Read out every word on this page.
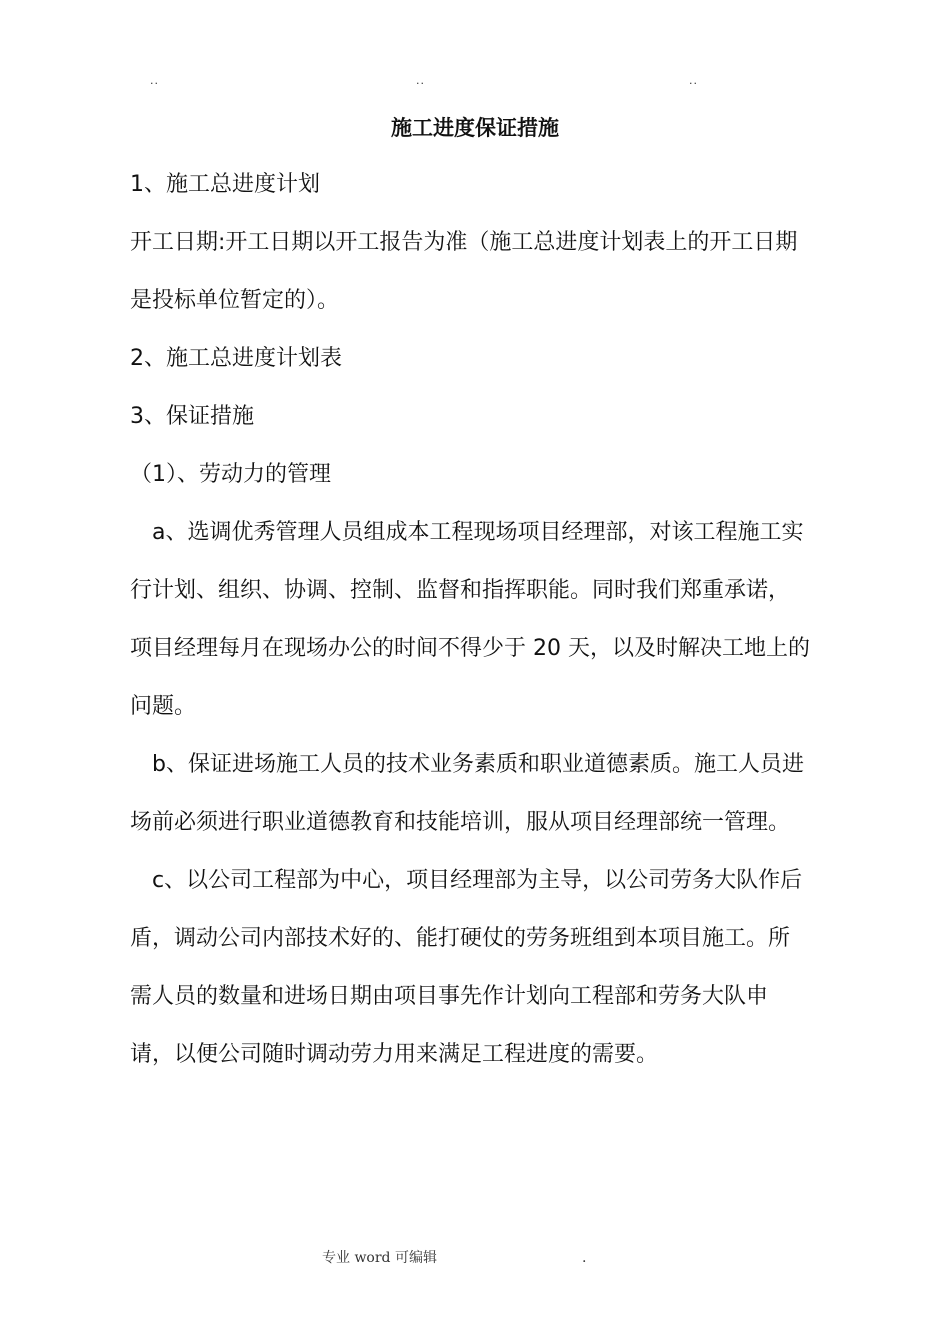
..	..	..
施工进度保证措施

1、施工总进度计划

开工日期:开工日期以开工报告为准（施工总进度计划表上的开工日期是投标单位暂定的）。

2、施工总进度计划表

3、保证措施

（1）、劳动力的管理

a、选调优秀管理人员组成本工程现场项目经理部，对该工程施工实行计划、组织、协调、控制、监督和指挥职能。同时我们郑重承诺，项目经理每月在现场办公的时间不得少于 20 天，以及时解决工地上的问题。

b、保证进场施工人员的技术业务素质和职业道德素质。施工人员进场前必须进行职业道德教育和技能培训，服从项目经理部统一管理。

c、以公司工程部为中心，项目经理部为主导，以公司劳务大队作后盾，调动公司内部技术好的、能打硬仗的劳务班组到本项目施工。所需人员的数量和进场日期由项目事先作计划向工程部和劳务大队申请，以便公司随时调动劳力用来满足工程进度的需要。

专业 word 可编辑	.
